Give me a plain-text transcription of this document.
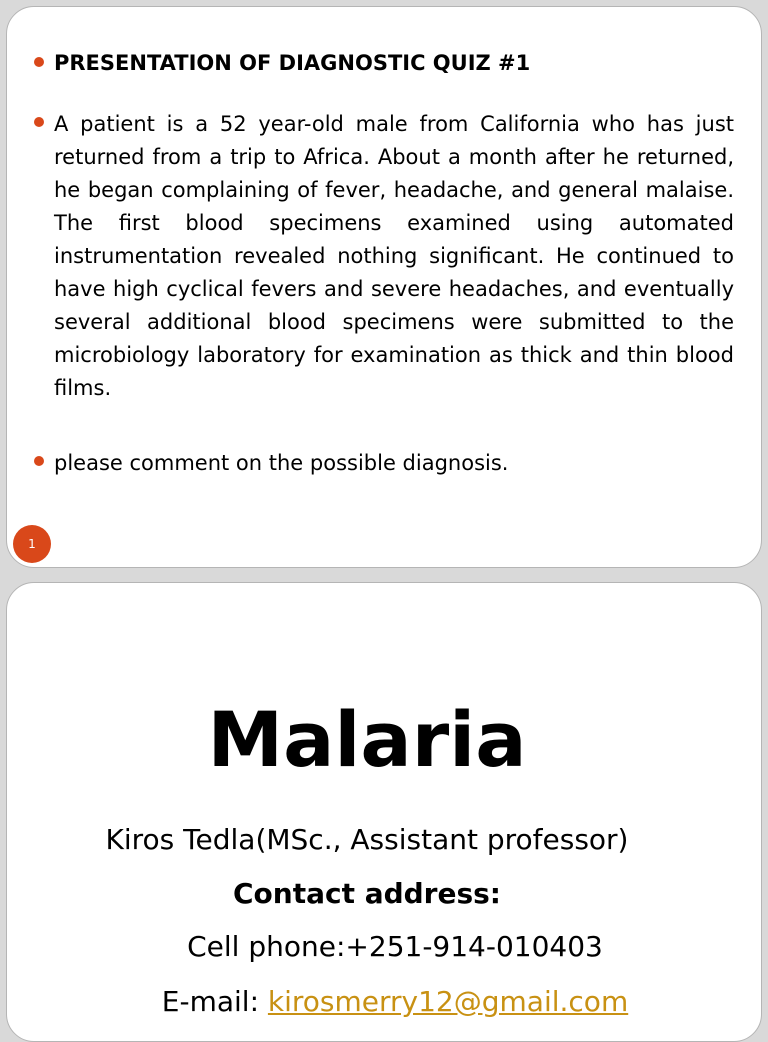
PRESENTATION OF DIAGNOSTIC QUIZ #1
A patient is a 52 year-old male from California who has just returned from a trip to Africa. About a month after he returned, he began complaining of fever, headache, and general malaise. The first blood specimens examined using automated instrumentation revealed nothing significant. He continued to have high cyclical fevers and severe headaches, and eventually several additional blood specimens were submitted to the microbiology laboratory for examination as thick and thin blood films.
please comment on the possible diagnosis.
1
Malaria
Kiros Tedla(MSc., Assistant professor)
Contact address:
Cell phone:+251-914-010403
E-mail: kirosmerry12@gmail.com
